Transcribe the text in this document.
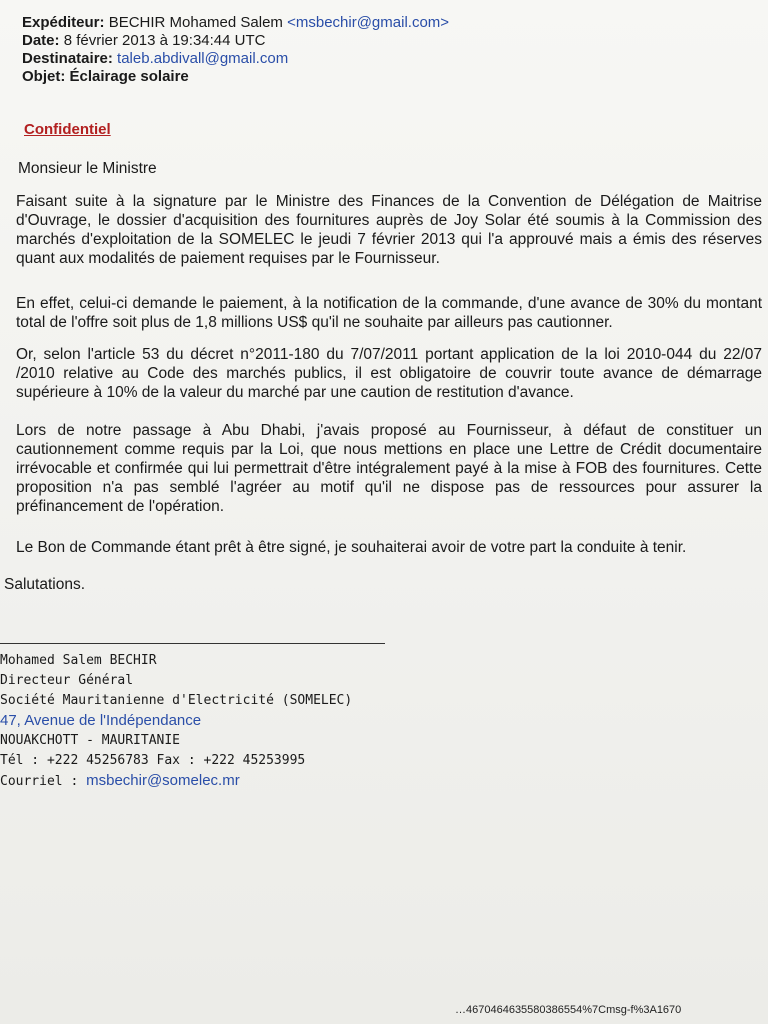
Expéditeur: BECHIR Mohamed Salem <msbechir@gmail.com>
Date: 8 février 2013 à 19:34:44 UTC
Destinataire: taleb.abdivall@gmail.com
Objet: Éclairage solaire
Confidentiel
Monsieur le Ministre
Faisant suite à la signature par le Ministre des Finances de la Convention de Délégation de Maitrise d'Ouvrage, le dossier d'acquisition des fournitures auprès de Joy Solar été soumis à la Commission des marchés d'exploitation de la SOMELEC le jeudi 7 février 2013 qui l'a approuvé mais a émis des réserves quant aux modalités de paiement requises par le Fournisseur.
En effet, celui-ci demande le paiement, à la notification de la commande, d'une avance de 30% du montant total de l'offre soit plus de 1,8 millions US$ qu'il ne souhaite par ailleurs pas cautionner.
Or, selon l'article 53 du décret n°2011-180 du 7/07/2011 portant application de la loi 2010-044 du 22/07 /2010 relative au Code des marchés publics, il est obligatoire de couvrir toute avance de démarrage supérieure à 10% de la valeur du marché par une caution de restitution d'avance.
Lors de notre passage à Abu Dhabi, j'avais proposé au Fournisseur, à défaut de constituer un cautionnement comme requis par la Loi, que nous mettions en place une Lettre de Crédit documentaire irrévocable et confirmée qui lui permettrait d'être intégralement payé à la mise à FOB des fournitures. Cette proposition n'a pas semblé l'agréer au motif qu'il ne dispose pas de ressources pour assurer la préfinancement de l'opération.
Le Bon de Commande étant prêt à être signé, je souhaiterai avoir de votre part la conduite à tenir.
Salutations.
Mohamed Salem BECHIR
Directeur Général
Société Mauritanienne d'Electricité (SOMELEC)
47, Avenue de l'Indépendance
NOUAKCHOTT - MAURITANIE
Tél : +222 45256783 Fax : +222 45253995
Courriel : msbechir@somelec.mr
…4670464635580386554%7Cmsg-f%3A1670
